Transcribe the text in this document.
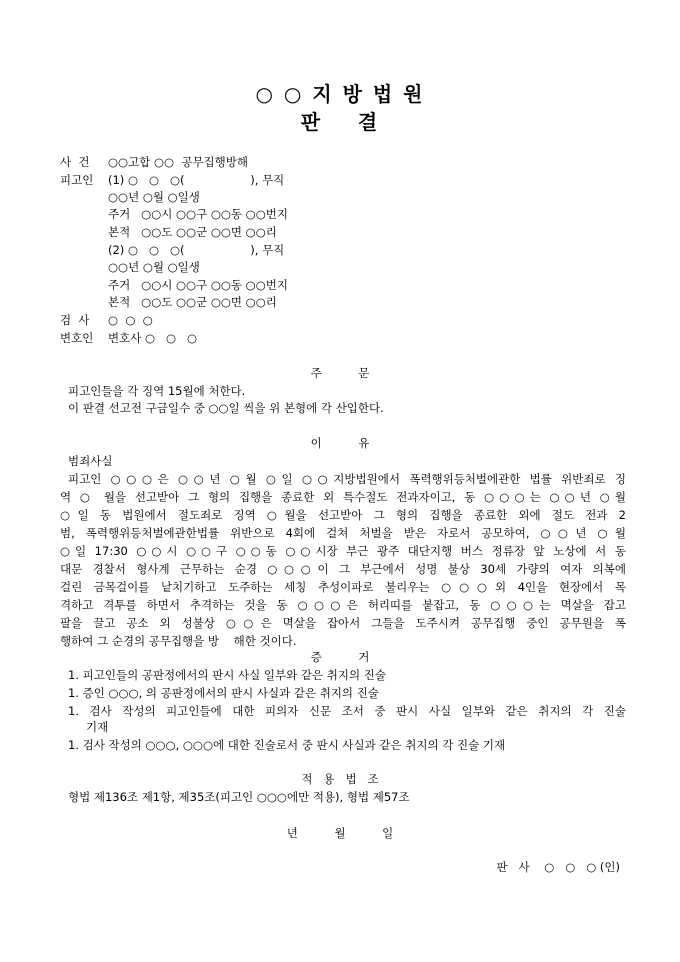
○ ○ 지 방 법 원
판    결
사  건 ○○고합 ○○  공무집행방해
피고인 (1) ○   ○   ○(                  ), 무직
○○년 ○월 ○일생
주거   ○○시 ○○구 ○○동 ○○번지
본적   ○○도 ○○군 ○○면 ○○리
(2) ○   ○   ○(                  ), 무직
○○년 ○월 ○일생
주거   ○○시 ○○구 ○○동 ○○번지
본적   ○○도 ○○군 ○○면 ○○리
검  사 ○  ○  ○
변호인 변호사 ○   ○   ○
주          문
피고인들을 각 징역 15월에 처한다.
이 판결 선고전 구금일수 중 ○○일 씩을 위 본형에 각 산입한다.
이          유
범죄사실
피고인 ○○○은 ○○년 ○월 ○일 ○○지방법원에서 폭력행위등처벌에관한 법률 위반죄로 징
역 ○ 월을 선고받아 그 형의 집행을 종료한 외 특수절도 전과자이고, 동 ○○○는 ○○년 ○월
○일 동 법원에서 절도죄로 징역 ○월을 선고받아 그 형의 집행을 종료한 외에 절도 전과 2
범, 폭력행위등처벌에관한법률 위반으로 4회에 걸쳐 처벌을 받은 자로서 공모하여, ○○년 ○월
○일 17:30 ○○시 ○○구 ○○동 ○○시장 부근 광주 대단지행 버스 정류장 앞 노상에 서 동
대문 경찰서 형사계 근무하는 순경 ○○○이 그 부근에서 성명 불상 30세 가량의 여자 의복에
걸린 금목걸이를 낱치기하고 도주하는 세칭 추성이파로 불리우는 ○○○외 4인을 현장에서 목
격하고 격투를 하면서 추격하는 것을 동 ○○○은 허리띠를 붙잡고, 동 ○○○는 멱살을 잡고
팔을 끌고 공소 외 성불상 ○○은 멱살을 잡아서 그들을 도주시켜 공무집행 중인 공무원을 폭
행하여 그 순경의 공무집행을 방    해한 것이다.
증          거
1. 피고인들의 공판정에서의 판시 사실 일부와 같은 취지의 진술
1. 증인 ○○○, 의 공판정에서의 판시 사실과 같은 취지의 진술
1. 검사 작성의 피고인들에 대한 피의자 신문 조서 중 판시 사실 일부와 같은 취지의 각 진술
기재
1. 검사 작성의 ○○○, ○○○에 대한 진술로서 중 판시 사실과 같은 취지의 각 진술 기재
적   용   법   조
형법 제136조 제1항, 제35조(피고인 ○○○에만 적용), 형법 제57조
년          월          일
판   사    ○   ○   ○ (인)
